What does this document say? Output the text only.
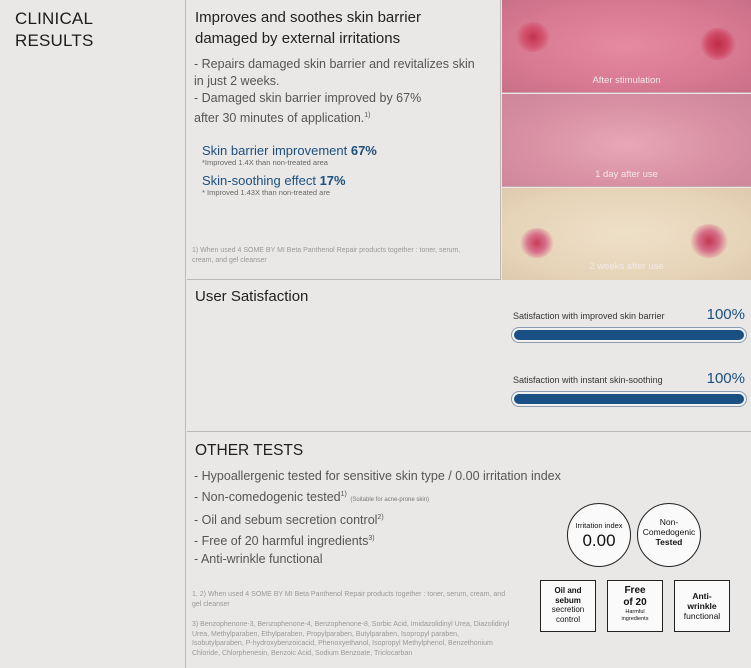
CLINICAL
RESULTS
Improves and soothes skin barrier
damaged by external irritations
- Repairs damaged skin barrier and revitalizes skin
in just 2 weeks.
- Damaged skin barrier improved by 67%
after 30 minutes of application.$^{1)}$
Skin barrier improvement 67%
*Improved 1.4X than non-treated area
Skin-soothing effect 17%
* Improved 1.43X than non-treated are
1) When used 4 SOME BY MI Beta Panthenol Repair products together : toner, serum, cream, and gel cleanser
After stimulation
1 day after use
2 weeks after use
User Satisfaction
Satisfaction with improved skin barrier	100%
Satisfaction with instant skin-soothing	100%
OTHER TESTS
- Hypoallergenic tested for sensitive skin type / 0.00 irritation index
- Non-comedogenic tested$^{1)}$ (Suitable for acne-prone skin)
- Oil and sebum secretion control$^{2)}$
- Free of 20 harmful ingredients$^{3)}$
- Anti-wrinkle functional
1, 2) When used 4 SOME BY MI Beta Panthenol Repair products together : toner, serum, cream, and gel cleanser
3) Benzophenone-3, Benzophenone-4, Benzophenone-8, Sorbic Acid, Imidazolidinyl Urea, Diazolidinyl Urea, Methylparaben, Ethylparaben, Propylparaben, Butylparaben, Isopropyl paraben, Isobutylparaben, P-hydroxybenzoicacid, Phenoxyethanol, Isopropyl Methylphenol, Benzethonium Chloride, Chlorphenesin, Benzoic Acid, Sodium Benzoate, Triclocarban
Irritation index
0.00
Non-
Comedogenic
Tested
Oil and
sebum
secretion
control
Free
of 20
Harmful
ingredients
Anti-
wrinkle
functional
